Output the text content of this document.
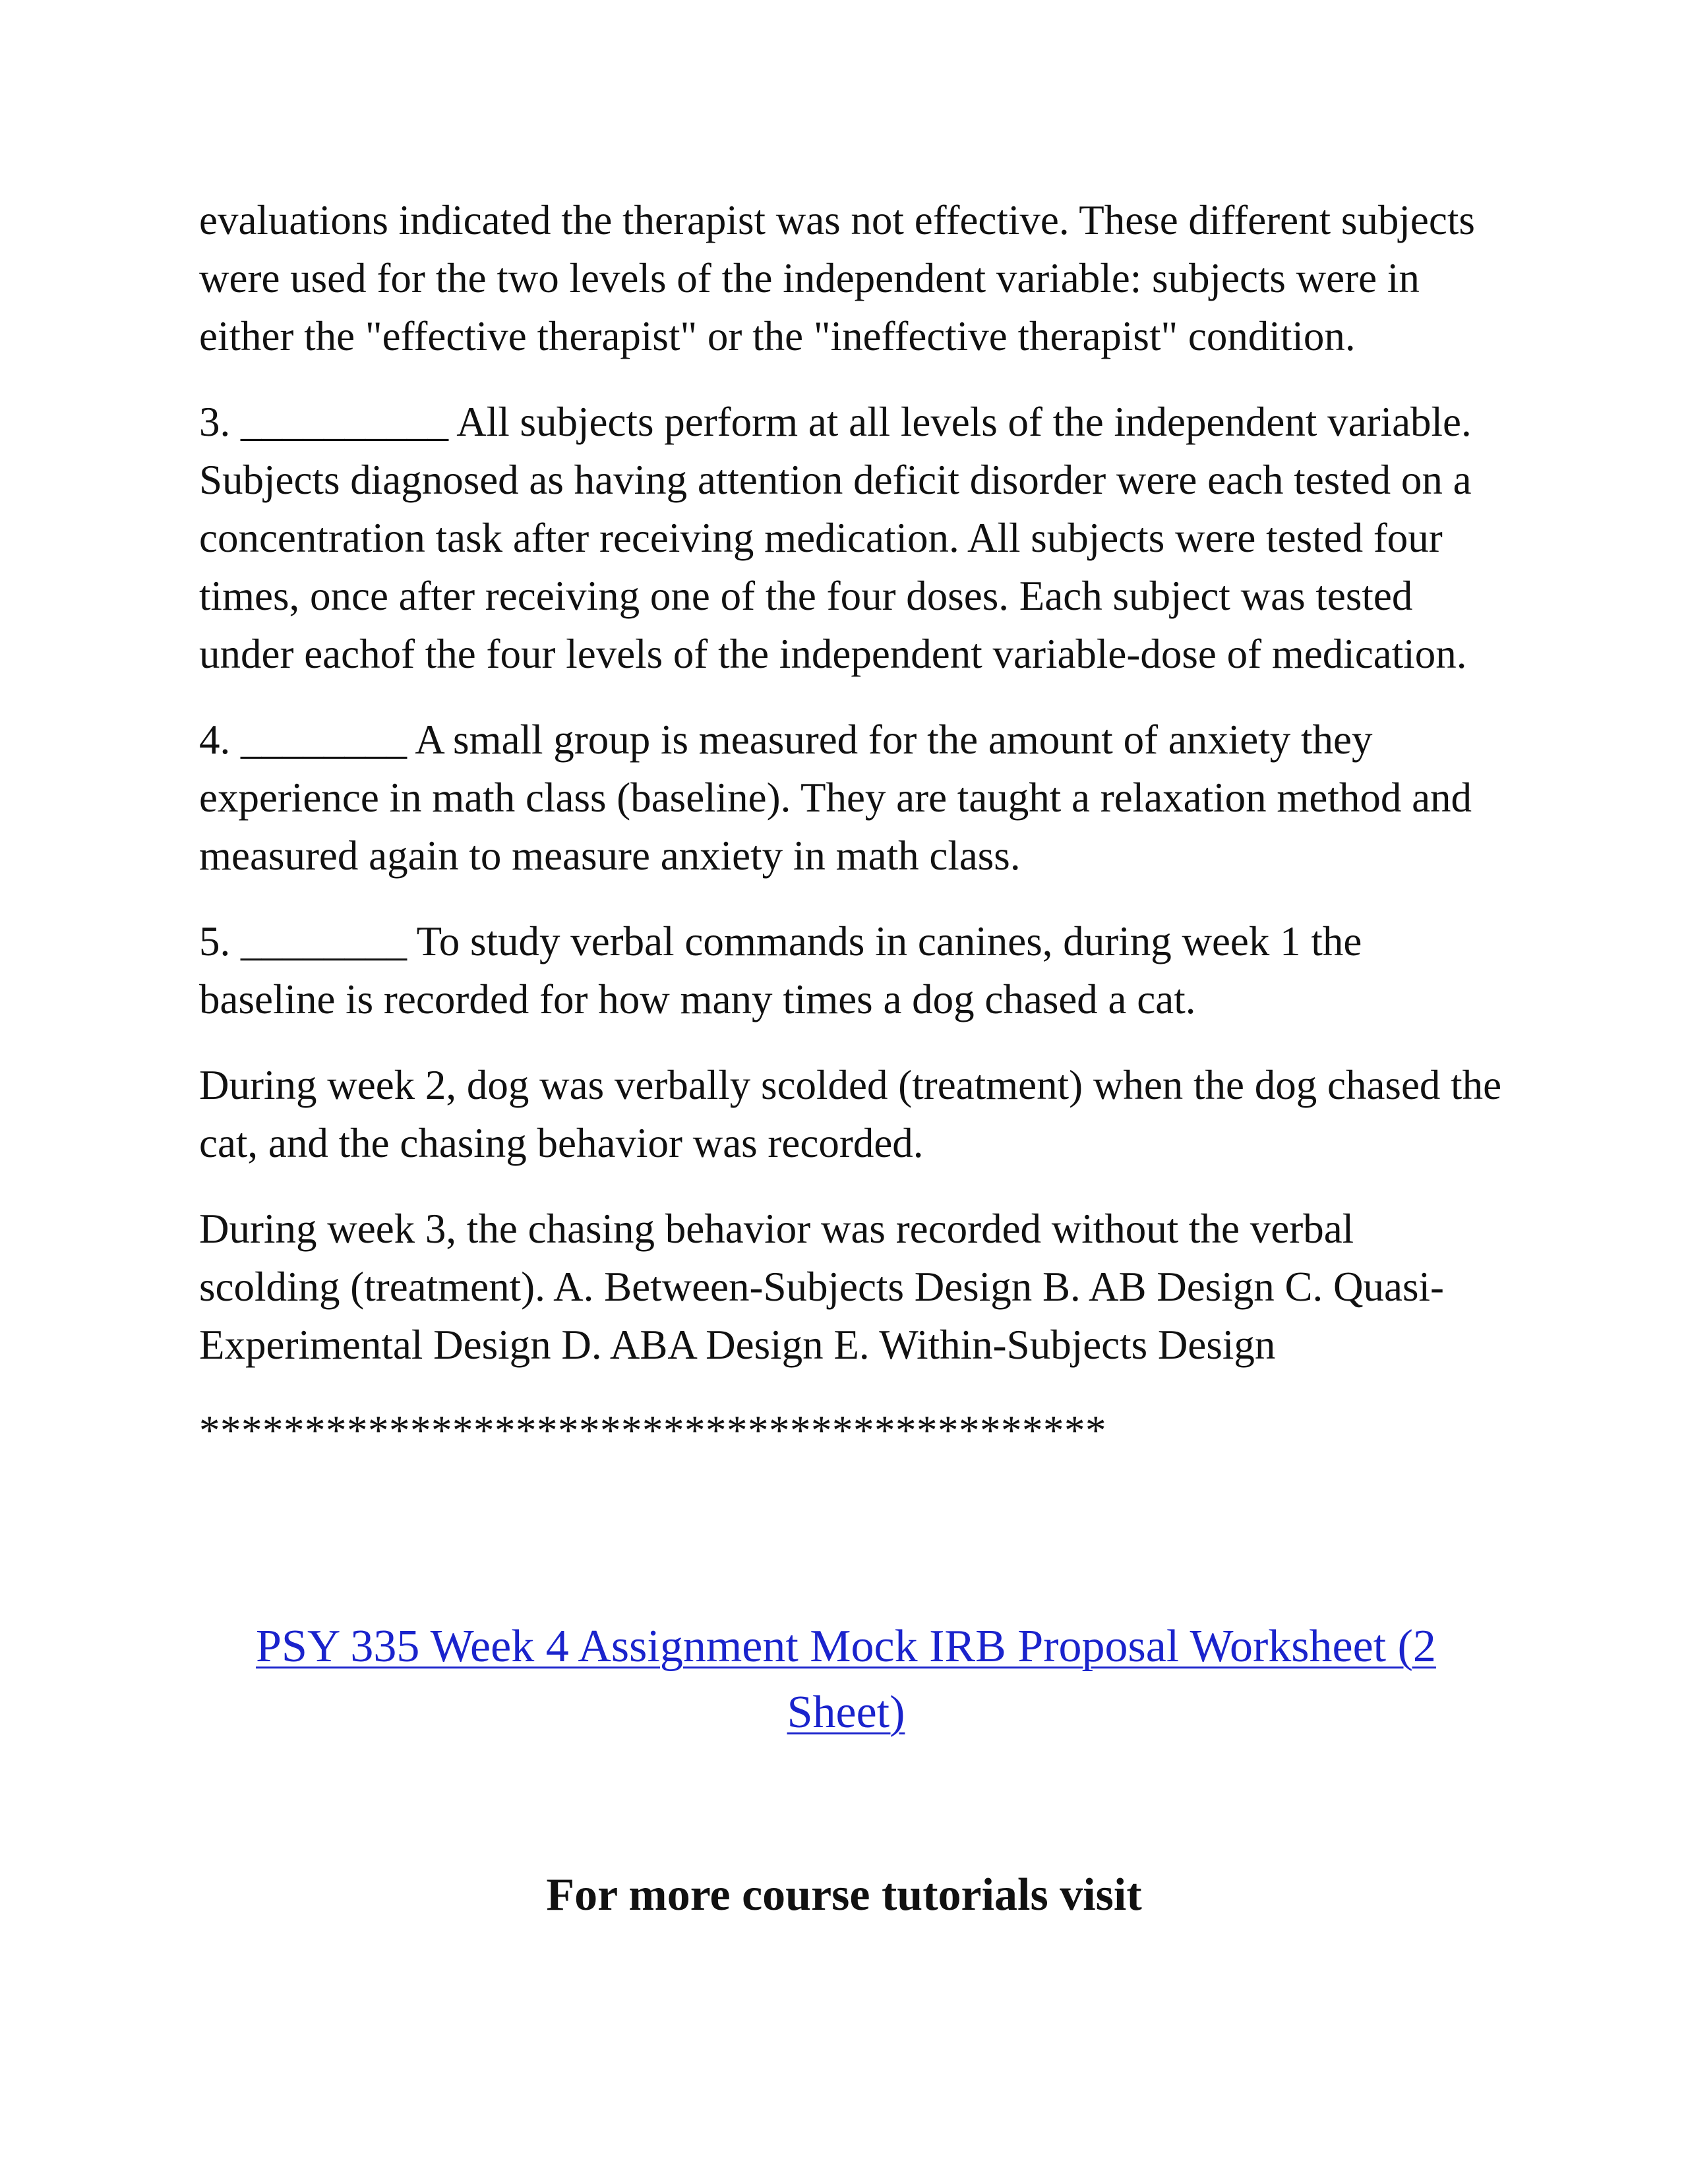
evaluations indicated the therapist was not effective. These different subjects were used for the two levels of the independent variable: subjects were in either the "effective therapist" or the "ineffective therapist" condition.

3. __________ All subjects perform at all levels of the independent variable. Subjects diagnosed as having attention deficit disorder were each tested on a concentration task after receiving medication. All subjects were tested four times, once after receiving one of the four doses. Each subject was tested under eachof the four levels of the independent variable-dose of medication.

4. ________ A small group is measured for the amount of anxiety they experience in math class (baseline). They are taught a relaxation method and measured again to measure anxiety in math class.

5. ________ To study verbal commands in canines, during week 1 the baseline is recorded for how many times a dog chased a cat.

During week 2, dog was verbally scolded (treatment) when the dog chased the cat, and the chasing behavior was recorded.

During week 3, the chasing behavior was recorded without the verbal scolding (treatment). A. Between-Subjects Design B. AB Design C. Quasi-Experimental Design D. ABA Design E. Within-Subjects Design

*******************************************
PSY 335 Week 4 Assignment Mock IRB Proposal Worksheet (2 Sheet)
For more course tutorials visit
